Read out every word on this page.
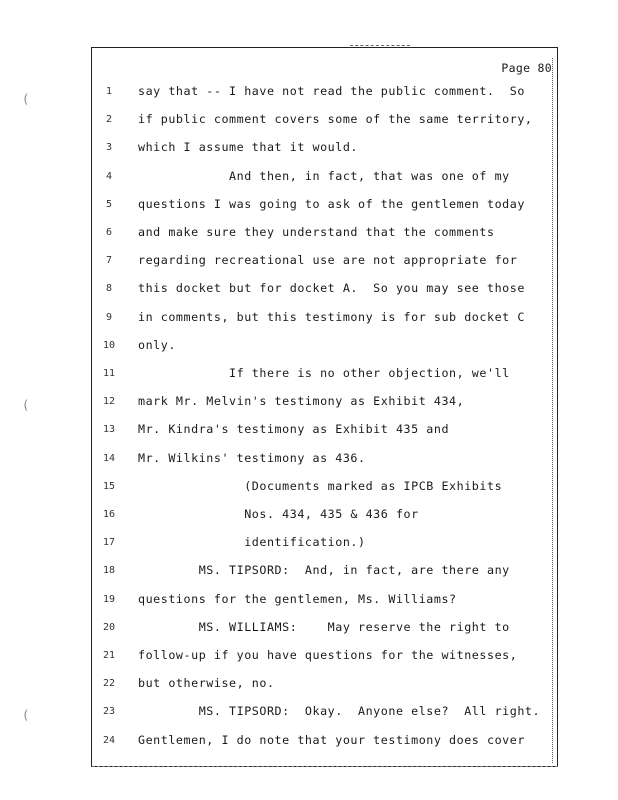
(
(
(
Page 80
1	say that -- I have not read the public comment.  So
2	if public comment covers some of the same territory,
3	which I assume that it would.
4	And then, in fact, that was one of my
5	questions I was going to ask of the gentlemen today
6	and make sure they understand that the comments
7	regarding recreational use are not appropriate for
8	this docket but for docket A.  So you may see those
9	in comments, but this testimony is for sub docket C
10	only.
11	If there is no other objection, we'll
12	mark Mr. Melvin's testimony as Exhibit 434,
13	Mr. Kindra's testimony as Exhibit 435 and
14	Mr. Wilkins' testimony as 436.
15	(Documents marked as IPCB Exhibits
16	Nos. 434, 435 & 436 for
17	identification.)
18	MS. TIPSORD:  And, in fact, are there any
19	questions for the gentlemen, Ms. Williams?
20	MS. WILLIAMS:    May reserve the right to
21	follow-up if you have questions for the witnesses,
22	but otherwise, no.
23	MS. TIPSORD:  Okay.  Anyone else?  All right.
24	Gentlemen, I do note that your testimony does cover
